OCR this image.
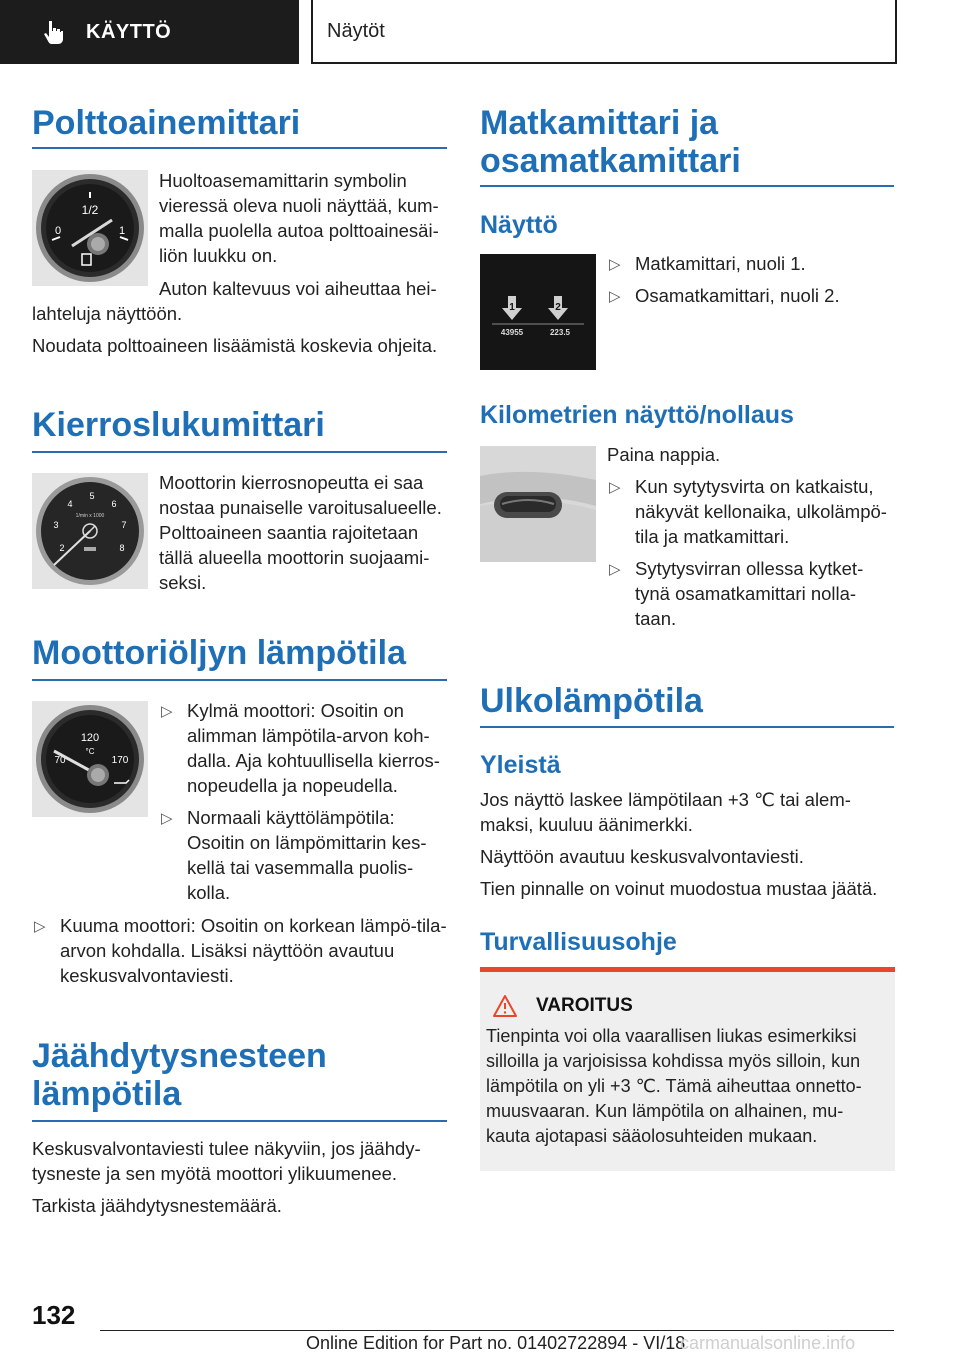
KÄYTTÖ	Näytöt
Polttoainemittari
1/2
0	1
Huoltoasemamittarin symbolin vieressä oleva nuoli näyttää, kum-malla puolella autoa polttoainesäi-liön luukku on.
Auton kaltevuus voi aiheuttaa hei-
lahteluja näyttöön.
Noudata polttoaineen lisäämistä koskevia ohjeita.
Kierroslukumittari
2
3
4
5
6
7
8
1/min x 1000
Moottorin kierrosnopeutta ei saa nostaa punaiselle varoitusalueelle. Polttoaineen saantia rajoitetaan tällä alueella moottorin suojaami-seksi.
Moottoriöljyn lämpötila
120
°C
70	170
▷ Kylmä moottori: Osoitin on alimman lämpötila-arvon koh-dalla. Aja kohtuullisella kierros-nopeudella ja nopeudella.
▷ Normaali käyttölämpötila: Osoitin on lämpömittarin kes-kellä tai vasemmalla puolis-kolla.
▷ Kuuma moottori: Osoitin on korkean lämpö-tila-arvon kohdalla. Lisäksi näyttöön avautuu keskusvalvontaviesti.
Jäähdytysnesteen
lämpötila
Keskusvalvontaviesti tulee näkyviin, jos jäähdy-tysneste ja sen myötä moottori ylikuumenee.
Tarkista jäähdytysnestemäärä.
Matkamittari ja
osamatkamittari
Näyttö
1	2
43955	223.5
▷ Matkamittari, nuoli 1.
▷ Osamatkamittari, nuoli 2.
Kilometrien näyttö/nollaus
Paina nappia.
▷ Kun sytytysvirta on katkaistu, näkyvät kellonaika, ulkolämpö-tila ja matkamittari.
▷ Sytytysvirran ollessa kytket-tynä osamatkamittari nolla-taan.
Ulkolämpötila
Yleistä
Jos näyttö laskee lämpötilaan +3 ℃ tai alem-maksi, kuuluu äänimerkki.
Näyttöön avautuu keskusvalvontaviesti.
Tien pinnalle on voinut muodostua mustaa jäätä.
Turvallisuusohje
VAROITUS
Tienpinta voi olla vaarallisen liukas esimerkiksi silloilla ja varjoisissa kohdissa myös silloin, kun lämpötila on yli +3 ℃. Tämä aiheuttaa onnetto-muusvaaran. Kun lämpötila on alhainen, mu-kauta ajotapasi sääolosuhteiden mukaan.
132
Online Edition for Part no. 01402722894 - VI/18
carmanualsonline.info
